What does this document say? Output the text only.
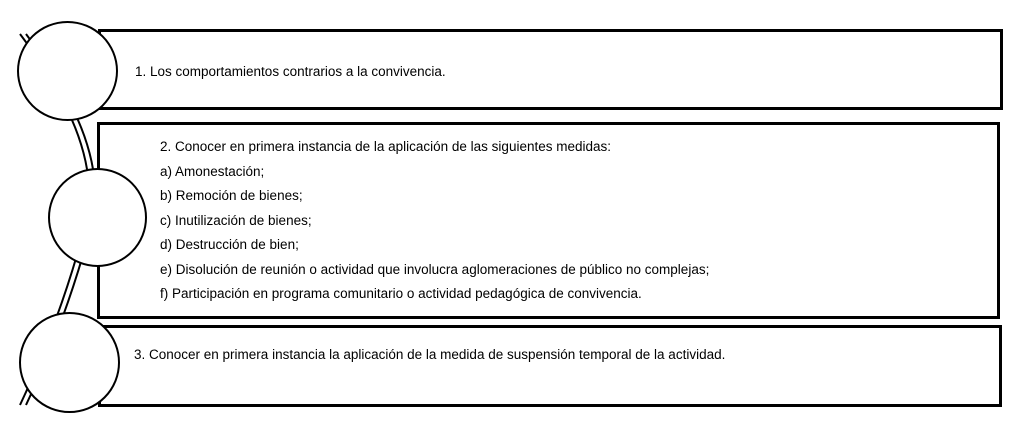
1. Los comportamientos contrarios a la convivencia.
2. Conocer en primera instancia de la aplicación de las siguientes medidas:
a) Amonestación;
b) Remoción de bienes;
c) Inutilización de bienes;
d) Destrucción de bien;
e) Disolución de reunión o actividad que involucra aglomeraciones de público no complejas;
f) Participación en programa comunitario o actividad pedagógica de convivencia.
3. Conocer en primera instancia la aplicación de la medida de suspensión temporal de la actividad.
